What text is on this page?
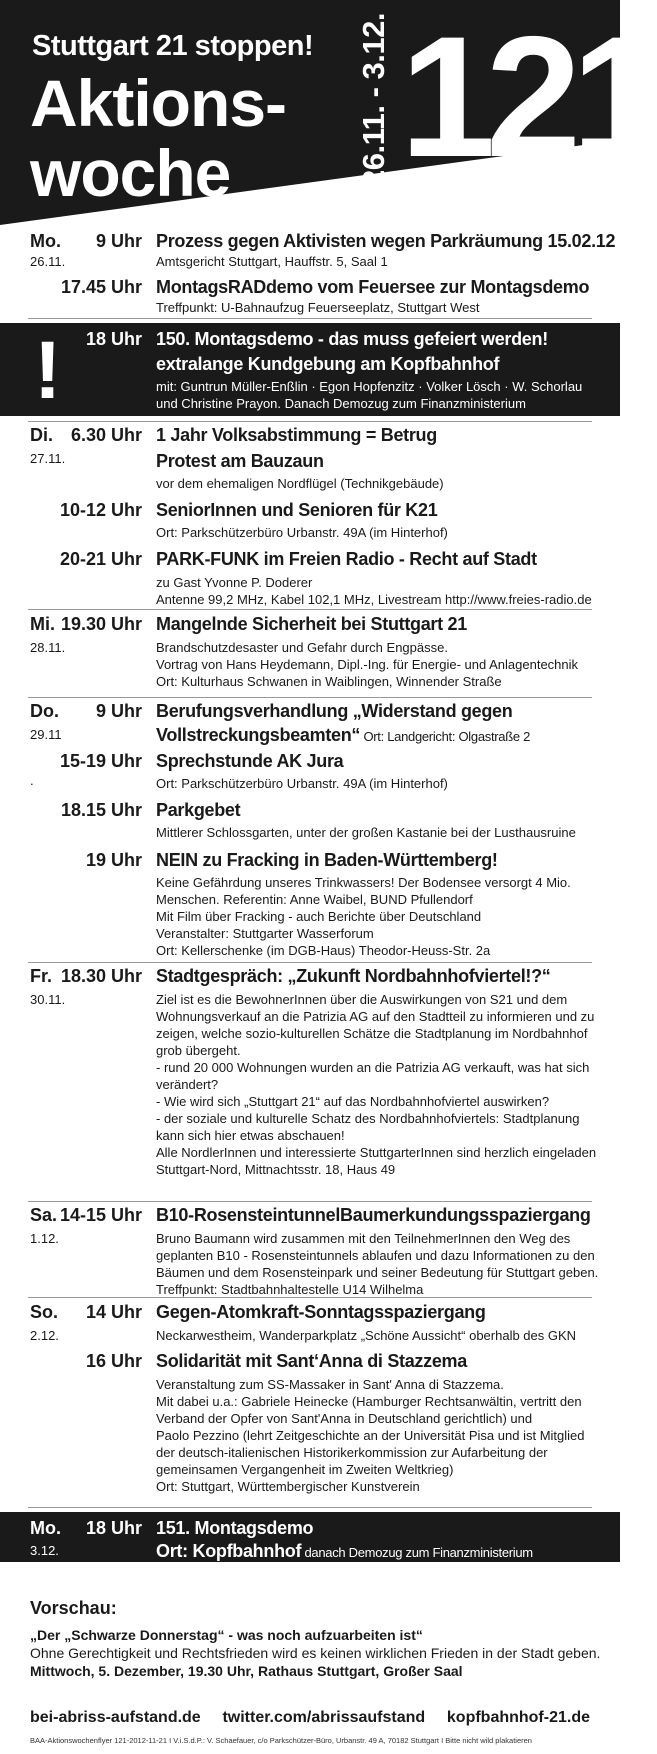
Stuttgart 21 stoppen!
Aktions-
woche	26.11. - 3.12. 121
!
Mo.
26.11.
9 Uhr Prozess gegen Aktivisten wegen Parkräumung 15.02.12
Amtsgericht Stuttgart, Hauffstr. 5, Saal 1
17.45 Uhr MontagsRADdemo vom Feuersee zur Montagsdemo
Treffpunkt: U-Bahnaufzug Feuerseeplatz, Stuttgart West
18 Uhr 150. Montagsdemo - das muss gefeiert werden!
extralange Kundgebung am Kopfbahnhof
mit: Guntrun Müller-Enßlin · Egon Hopfenzitz · Volker Lösch · W. Schorlau
und Christine Prayon. Danach Demozug zum Finanzministerium
Di.
27.11.
6.30 Uhr 1 Jahr Volksabstimmung = Betrug
Protest am Bauzaun
vor dem ehemaligen Nordflügel (Technikgebäude)
10-12 Uhr SeniorInnen und Senioren für K21
Ort: Parkschützerbüro Urbanstr. 49A (im Hinterhof)
20-21 Uhr PARK-FUNK im Freien Radio - Recht auf Stadt
zu Gast Yvonne P. Doderer
Antenne 99,2 MHz, Kabel 102,1 MHz, Livestream http://www.freies-radio.de
Mi.
28.11.
19.30 Uhr Mangelnde Sicherheit bei Stuttgart 21
Brandschutzdesaster und Gefahr durch Engpässe.
Vortrag von Hans Heydemann, Dipl.-Ing. für Energie- und Anlagentechnik
Ort: Kulturhaus Schwanen in Waiblingen, Winnender Straße
Do.
29.11
9 Uhr Berufungsverhandlung „Widerstand gegen
Vollstreckungsbeamten“ Ort: Landgericht: Olgastraße 2
.
15-19 Uhr Sprechstunde AK Jura
Ort: Parkschützerbüro Urbanstr. 49A (im Hinterhof)
18.15 Uhr Parkgebet
Mittlerer Schlossgarten, unter der großen Kastanie bei der Lusthausruine
19 Uhr NEIN zu Fracking in Baden-Württemberg!
Keine Gefährdung unseres Trinkwassers! Der Bodensee versorgt 4 Mio.
Menschen. Referentin: Anne Waibel, BUND Pfullendorf
Mit Film über Fracking - auch Berichte über Deutschland
Veranstalter: Stuttgarter Wasserforum
Ort: Kellerschenke (im DGB-Haus) Theodor-Heuss-Str. 2a
Fr.
30.11.
18.30 Uhr Stadtgespräch: „Zukunft Nordbahnhofviertel!?“
Ziel ist es die BewohnerInnen über die Auswirkungen von S21 und dem
Wohnungsverkauf an die Patrizia AG auf den Stadtteil zu informieren und zu
zeigen, welche sozio-kulturellen Schätze die Stadtplanung im Nordbahnhof
grob übergeht.
- rund 20 000 Wohnungen wurden an die Patrizia AG verkauft, was hat sich
verändert?
- Wie wird sich „Stuttgart 21“ auf das Nordbahnhofviertel auswirken?
- der soziale und kulturelle Schatz des Nordbahnhofviertels: Stadtplanung
kann sich hier etwas abschauen!
Alle NordlerInnen und interessierte StuttgarterInnen sind herzlich eingeladen
Stuttgart-Nord, Mittnachtsstr. 18, Haus 49
Sa.
1.12.
14-15 Uhr B10-RosensteintunnelBaumerkundungsspaziergang
Bruno Baumann wird zusammen mit den TeilnehmerInnen den Weg des
geplanten B10 - Rosensteintunnels ablaufen und dazu Informationen zu den
Bäumen und dem Rosensteinpark und seiner Bedeutung für Stuttgart geben.
Treffpunkt: Stadtbahnhaltestelle U14 Wilhelma
So.
2.12.
14 Uhr Gegen-Atomkraft-Sonntagsspaziergang
Neckarwestheim, Wanderparkplatz „Schöne Aussicht“ oberhalb des GKN
16 Uhr Solidarität mit Sant‘Anna di Stazzema
Veranstaltung zum SS-Massaker in Sant' Anna di Stazzema.
Mit dabei u.a.: Gabriele Heinecke (Hamburger Rechtsanwältin, vertritt den
Verband der Opfer von Sant'Anna in Deutschland gerichtlich) und
Paolo Pezzino (lehrt Zeitgeschichte an der Universität Pisa und ist Mitglied
der deutsch-italienischen Historikerkommission zur Aufarbeitung der
gemeinsamen Vergangenheit im Zweiten Weltkrieg)
Ort: Stuttgart, Württembergischer Kunstverein
Mo.
3.12.
18 Uhr 151. Montagsdemo
Ort: Kopfbahnhof danach Demozug zum Finanzministerium
Vorschau:
„Der „Schwarze Donnerstag“ - was noch aufzuarbeiten ist“
Ohne Gerechtigkeit und Rechtsfrieden wird es keinen wirklichen Frieden in der Stadt geben.
Mittwoch, 5. Dezember, 19.30 Uhr, Rathaus Stuttgart, Großer Saal
bei-abriss-aufstand.de twitter.com/abrissaufstand kopfbahnhof-21.de
BAA-Aktionswochenflyer 121-2012-11-21 I V.i.S.d.P.: V. Schaefauer, c/o Parkschützer-Büro, Urbanstr. 49 A, 70182 Stuttgart I Bitte nicht wild plakatieren
